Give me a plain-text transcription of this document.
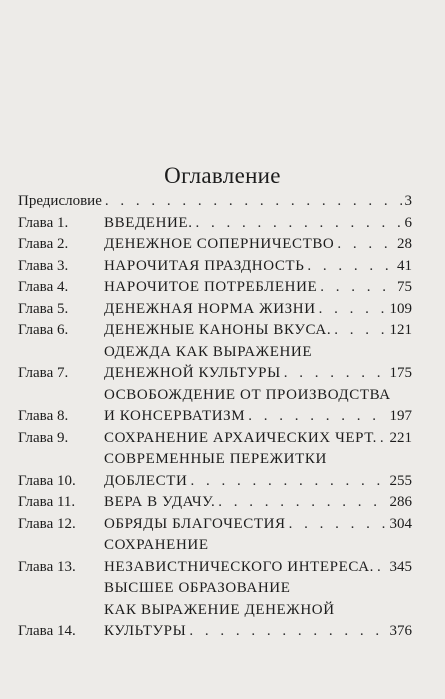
Оглавление
Предисловие . . .	3
Глава 1.	ВВЕДЕНИЕ. . . .	6
Глава 2.	ДЕНЕЖНОЕ СОПЕРНИЧЕСТВО . . .	28
Глава 3.	НАРОЧИТАЯ ПРАЗДНОСТЬ . . .	41
Глава 4.	НАРОЧИТОЕ ПОТРЕБЛЕНИЕ . . .	75
Глава 5.	ДЕНЕЖНАЯ НОРМА ЖИЗНИ . . .	109
Глава 6.	ДЕНЕЖНЫЕ КАНОНЫ ВКУСА. . . .	121
Глава 7.
ОДЕЖДА КАК ВЫРАЖЕНИЕ
ДЕНЕЖНОЙ КУЛЬТУРЫ . . .	175
Глава 8.
ОСВОБОЖДЕНИЕ ОТ ПРОИЗВОДСТВА
И КОНСЕРВАТИЗМ . . .	197
Глава 9.	СОХРАНЕНИЕ АРХАИЧЕСКИХ ЧЕРТ. . . . 221
Глава 10.
СОВРЕМЕННЫЕ ПЕРЕЖИТКИ
ДОБЛЕСТИ . . .	255
Глава 11.	ВЕРА В УДАЧУ. . . .	286
Глава 12.	ОБРЯДЫ БЛАГОЧЕСТИЯ . . .	304
Глава 13.
СОХРАНЕНИЕ
НЕЗАВИСТНИЧЕСКОГО ИНТЕРЕСА. . . . 345
Глава 14.
ВЫСШЕЕ ОБРАЗОВАНИЕ
КАК ВЫРАЖЕНИЕ ДЕНЕЖНОЙ
КУЛЬТУРЫ . . .	376
